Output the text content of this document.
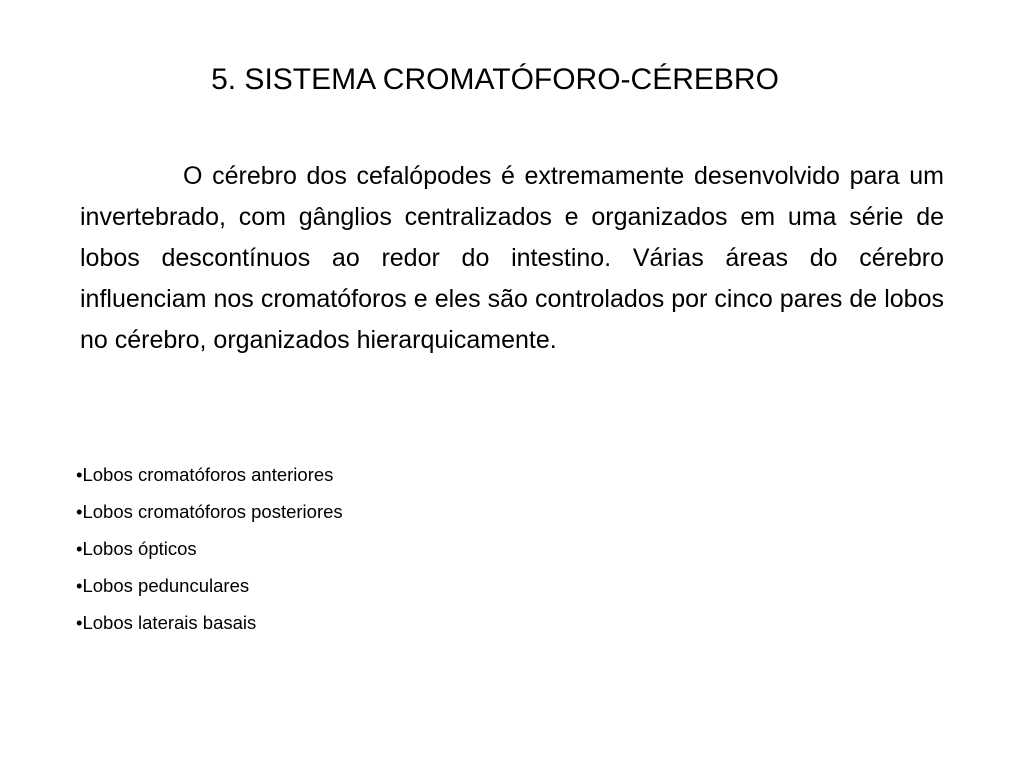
5. SISTEMA CROMATÓFORO-CÉREBRO

O cérebro dos cefalópodes é extremamente desenvolvido para um invertebrado, com gânglios centralizados e organizados em uma série de lobos descontínuos ao redor do intestino. Várias áreas do cérebro influenciam nos cromatóforos e eles são controlados por cinco pares de lobos no cérebro, organizados hierarquicamente.

•Lobos cromatóforos anteriores
•Lobos cromatóforos posteriores
•Lobos ópticos
•Lobos pedunculares
•Lobos laterais basais
